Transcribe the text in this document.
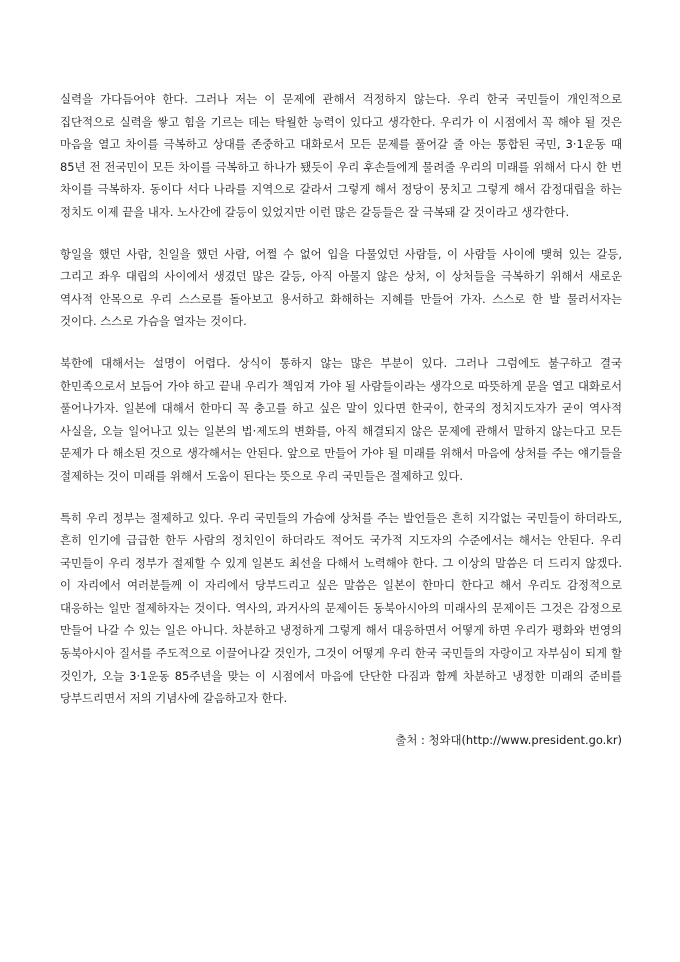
실력을 가다듬어야 한다. 그러나 저는 이 문제에 관해서 걱정하지 않는다. 우리 한국 국민들이 개인적으로 집단적으로 실력을 쌓고 힘을 기르는 데는 탁월한 능력이 있다고 생각한다. 우리가 이 시점에서 꼭 해야 될 것은 마음을 열고 차이를 극복하고 상대를 존중하고 대화로서 모든 문제를 풀어갈 줄 아는 통합된 국민, 3·1운동 때 85년 전 전국민이 모든 차이를 극복하고 하나가 됐듯이 우리 후손들에게 물려줄 우리의 미래를 위해서 다시 한 번 차이를 극복하자. 동이다 서다 나라를 지역으로 갈라서 그렇게 해서 정당이 뭉치고 그렇게 해서 감정대립을 하는 정치도 이제 끝을 내자. 노사간에 갈등이 있었지만 이런 많은 갈등들은 잘 극복돼 갈 것이라고 생각한다.

항일을 했던 사람, 친일을 했던 사람, 어쩔 수 없어 입을 다물었던 사람들, 이 사람들 사이에 맺혀 있는 갈등, 그리고 좌우 대립의 사이에서 생겼던 많은 갈등, 아직 아물지 않은 상처, 이 상처들을 극복하기 위해서 새로운 역사적 안목으로 우리 스스로를 돌아보고 용서하고 화해하는 지혜를 만들어 가자. 스스로 한 발 물러서자는 것이다. 스스로 가슴을 열자는 것이다.

북한에 대해서는 설명이 어렵다. 상식이 통하지 않는 많은 부분이 있다. 그러나 그럼에도 불구하고 결국 한민족으로서 보듬어 가야 하고 끝내 우리가 책임져 가야 될 사람들이라는 생각으로 따뜻하게 문을 열고 대화로서 풀어나가자. 일본에 대해서 한마디 꼭 충고를 하고 싶은 말이 있다면 한국이, 한국의 정치지도자가 굳이 역사적 사실을, 오늘 일어나고 있는 일본의 법·제도의 변화를, 아직 해결되지 않은 문제에 관해서 말하지 않는다고 모든 문제가 다 해소된 것으로 생각해서는 안된다. 앞으로 만들어 가야 될 미래를 위해서 마음에 상처를 주는 얘기들을 절제하는 것이 미래를 위해서 도움이 된다는 뜻으로 우리 국민들은 절제하고 있다.

특히 우리 정부는 절제하고 있다. 우리 국민들의 가슴에 상처를 주는 발언들은 흔히 지각없는 국민들이 하더라도, 흔히 인기에 급급한 한두 사람의 정치인이 하더라도 적어도 국가적 지도자의 수준에서는 해서는 안된다. 우리 국민들이 우리 정부가 절제할 수 있게 일본도 최선을 다해서 노력해야 한다. 그 이상의 말씀은 더 드리지 않겠다. 이 자리에서 여러분들께 이 자리에서 당부드리고 싶은 말씀은 일본이 한마디 한다고 해서 우리도 감정적으로 대응하는 일만 절제하자는 것이다. 역사의, 과거사의 문제이든 동북아시아의 미래사의 문제이든 그것은 감정으로 만들어 나갈 수 있는 일은 아니다. 차분하고 냉정하게 그렇게 해서 대응하면서 어떻게 하면 우리가 평화와 번영의 동북아시아 질서를 주도적으로 이끌어나갈 것인가, 그것이 어떻게 우리 한국 국민들의 자랑이고 자부심이 되게 할 것인가, 오늘 3·1운동 85주년을 맞는 이 시점에서 마음에 단단한 다짐과 함께 차분하고 냉정한 미래의 준비를 당부드리면서 저의 기념사에 갈음하고자 한다.

출처 : 청와대(http://www.president.go.kr)
